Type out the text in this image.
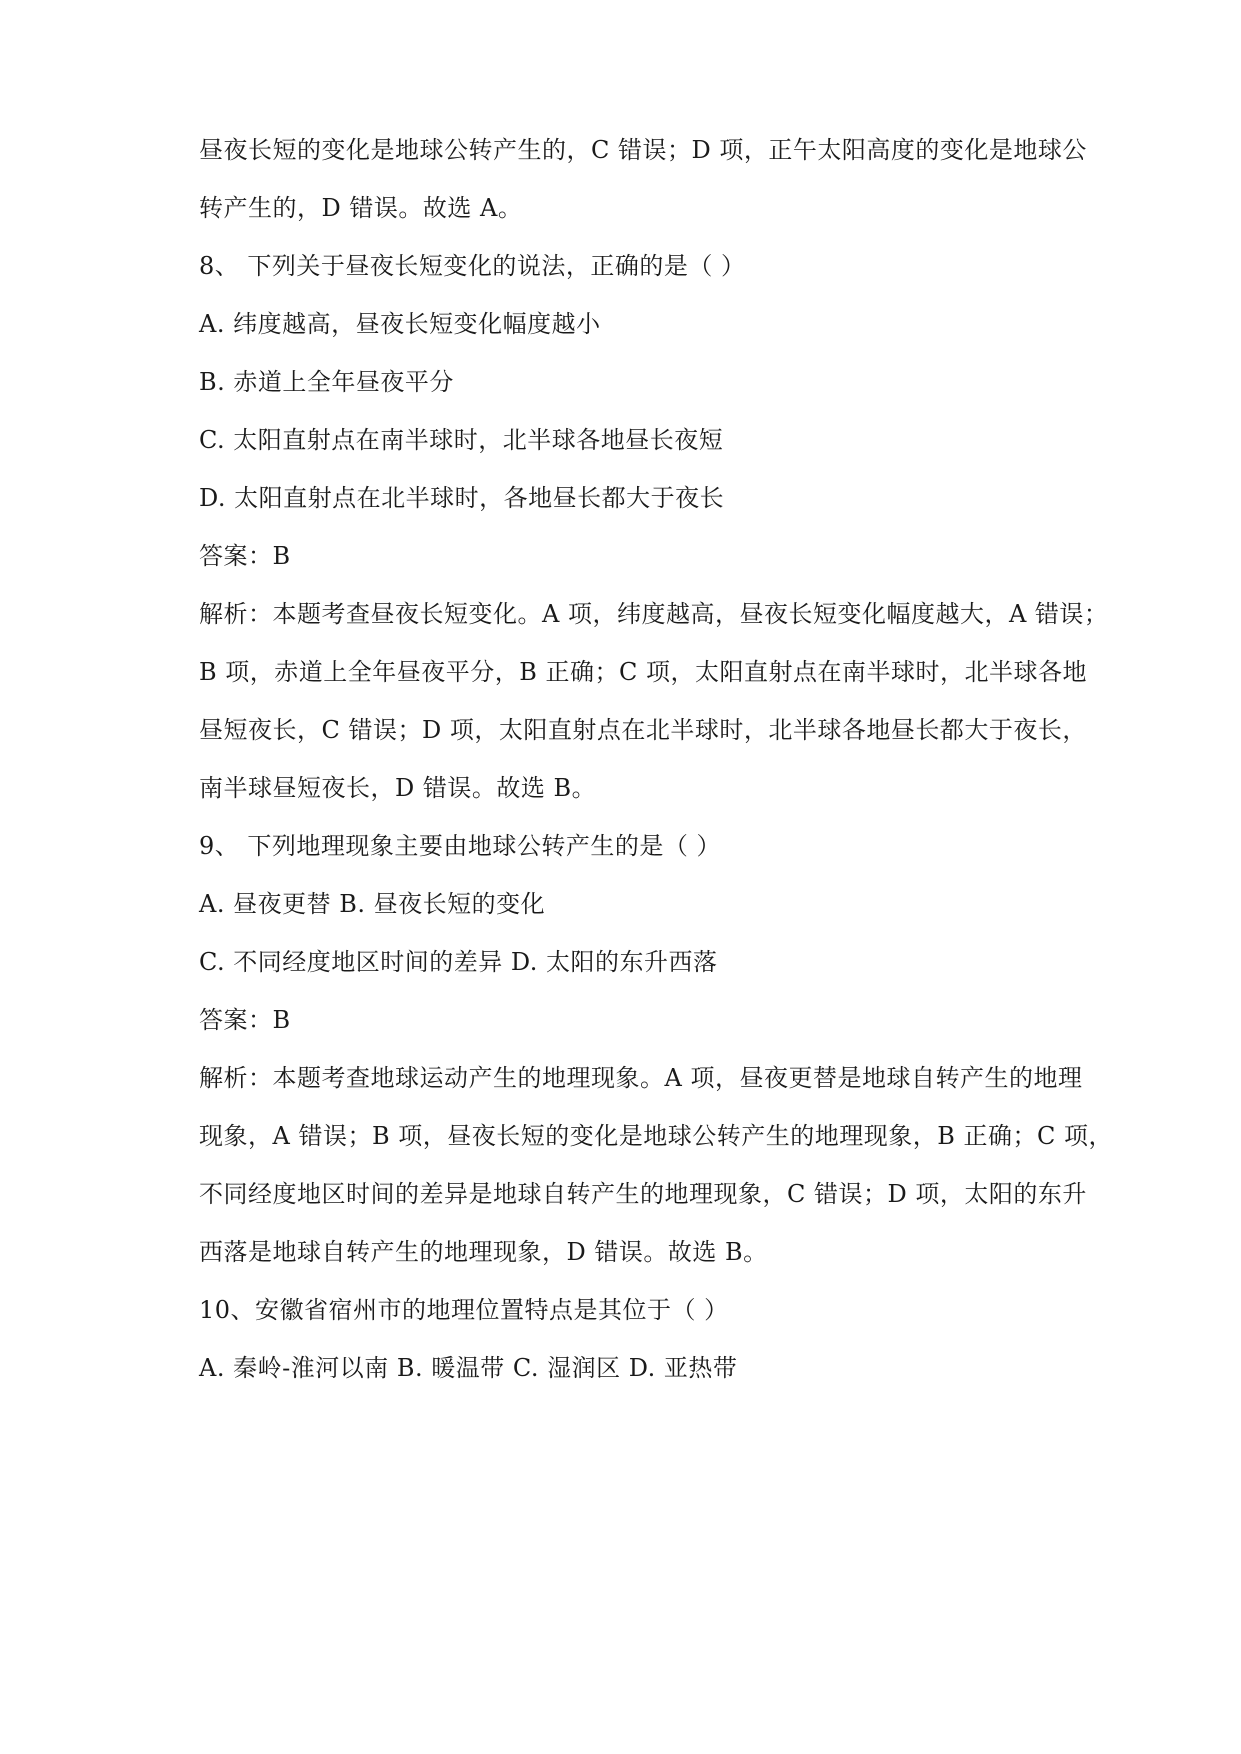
昼夜长短的变化是地球公转产生的，C 错误；D 项，正午太阳高度的变化是地球公
转产生的，D 错误。故选 A。
8、 下列关于昼夜长短变化的说法，正确的是（ ）
A. 纬度越高，昼夜长短变化幅度越小
B. 赤道上全年昼夜平分
C. 太阳直射点在南半球时，北半球各地昼长夜短
D. 太阳直射点在北半球时，各地昼长都大于夜长
答案：B
解析：本题考查昼夜长短变化。A 项，纬度越高，昼夜长短变化幅度越大，A 错误；
B 项，赤道上全年昼夜平分，B 正确；C 项，太阳直射点在南半球时，北半球各地
昼短夜长，C 错误；D 项，太阳直射点在北半球时，北半球各地昼长都大于夜长，
南半球昼短夜长，D 错误。故选 B。
9、 下列地理现象主要由地球公转产生的是（ ）
A. 昼夜更替 B. 昼夜长短的变化
C. 不同经度地区时间的差异 D. 太阳的东升西落
答案：B
解析：本题考查地球运动产生的地理现象。A 项，昼夜更替是地球自转产生的地理
现象，A 错误；B 项，昼夜长短的变化是地球公转产生的地理现象，B 正确；C 项，
不同经度地区时间的差异是地球自转产生的地理现象，C 错误；D 项，太阳的东升
西落是地球自转产生的地理现象，D 错误。故选 B。
10、安徽省宿州市的地理位置特点是其位于（ ）
A. 秦岭-淮河以南 B. 暖温带 C. 湿润区 D. 亚热带
